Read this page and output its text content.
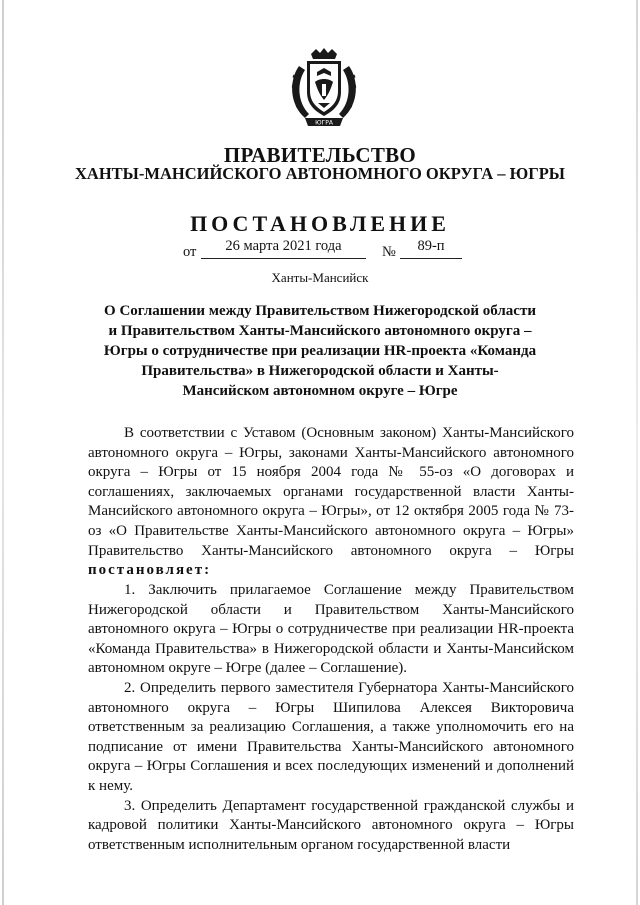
ЮГРА
ПРАВИТЕЛЬСТВО
ХАНТЫ-МАНСИЙСКОГО АВТОНОМНОГО ОКРУГА – ЮГРЫ
ПОСТАНОВЛЕНИЕ
от	26 марта 2021 года	№	89-п
Ханты-Мансийск
О Соглашении между Правительством Нижегородской области и Правительством Ханты-Мансийского автономного округа – Югры о сотрудничестве при реализации HR-проекта «Команда Правительства» в Нижегородской области и Ханты-Мансийском автономном округе – Югре

В соответствии с Уставом (Основным законом) Ханты-Мансийского автономного округа – Югры, законами Ханты-Мансийского автономного округа – Югры от 15 ноября 2004 года № 55-оз «О договорах и соглашениях, заключаемых органами государственной власти Ханты-Мансийского автономного округа – Югры», от 12 октября 2005 года № 73-оз «О Правительстве Ханты-Мансийского автономного округа – Югры» Правительство Ханты-Мансийского автономного округа – Югры постановляет:

1. Заключить прилагаемое Соглашение между Правительством Нижегородской области и Правительством Ханты-Мансийского автономного округа – Югры о сотрудничестве при реализации HR-проекта «Команда Правительства» в Нижегородской области и Ханты-Мансийском автономном округе – Югре (далее – Соглашение).

2. Определить первого заместителя Губернатора Ханты-Мансийского автономного округа – Югры Шипилова Алексея Викторовича ответственным за реализацию Соглашения, а также уполномочить его на подписание от имени Правительства Ханты-Мансийского автономного округа – Югры Соглашения и всех последующих изменений и дополнений к нему.

3. Определить Департамент государственной гражданской службы и кадровой политики Ханты-Мансийского автономного округа – Югры ответственным исполнительным органом государственной власти
